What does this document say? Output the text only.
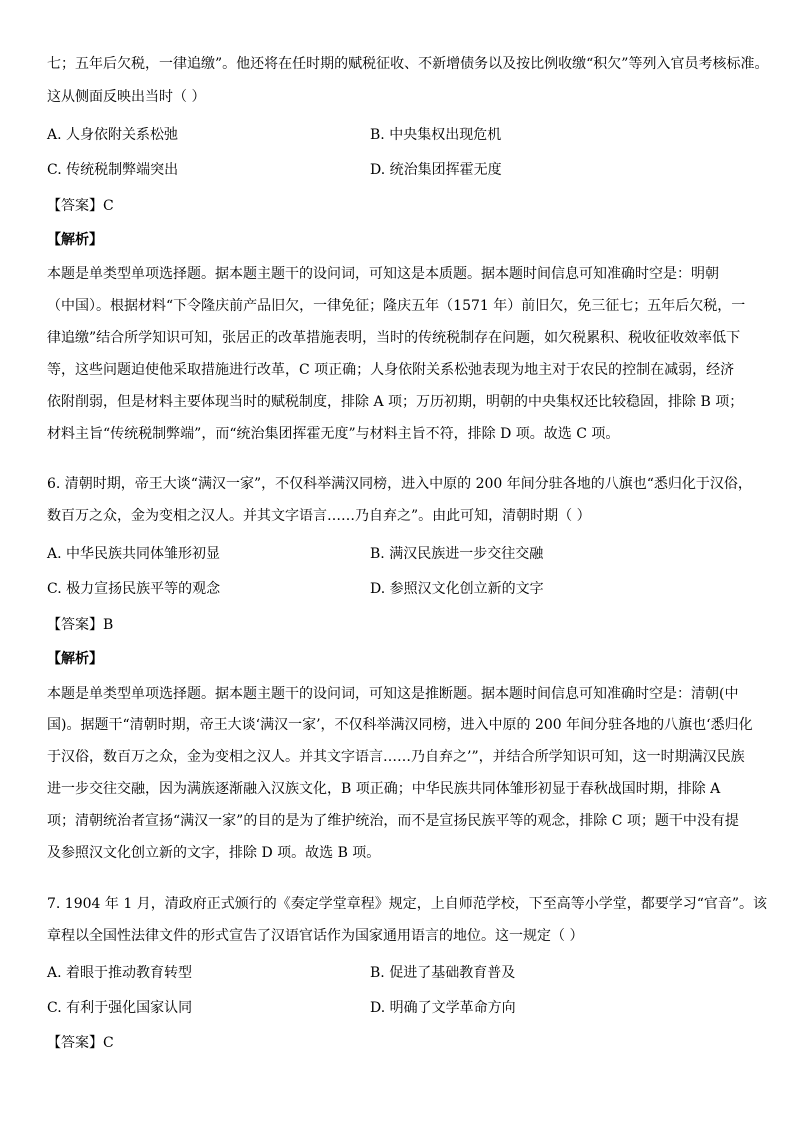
七；五年后欠税，一律追缴”。他还将在任时期的赋税征收、不新增债务以及按比例收缴“积欠”等列入官员考核标准。
这从侧面反映出当时（ ）
A. 人身依附关系松弛	B. 中央集权出现危机
C. 传统税制弊端突出	D. 统治集团挥霍无度
【答案】C
【解析】
本题是单类型单项选择题。据本题主题干的设问词，可知这是本质题。据本题时间信息可知准确时空是：明朝
（中国）。根据材料“下令隆庆前产品旧欠，一律免征；隆庆五年（1571 年）前旧欠，免三征七；五年后欠税，一
律追缴”结合所学知识可知，张居正的改革措施表明，当时的传统税制存在问题，如欠税累积、税收征收效率低下
等，这些问题迫使他采取措施进行改革，C 项正确；人身依附关系松弛表现为地主对于农民的控制在减弱，经济
依附削弱，但是材料主要体现当时的赋税制度，排除 A 项；万历初期，明朝的中央集权还比较稳固，排除 B 项；
材料主旨“传统税制弊端”，而“统治集团挥霍无度”与材料主旨不符，排除 D 项。故选 C 项。
6. 清朝时期，帝王大谈“满汉一家”，不仅科举满汉同榜，进入中原的 200 年间分驻各地的八旗也“悉归化于汉俗，
数百万之众，金为变相之汉人。并其文字语言……乃自弃之”。由此可知，清朝时期（ ）
A. 中华民族共同体雏形初显	B. 满汉民族进一步交往交融
C. 极力宣扬民族平等的观念	D. 参照汉文化创立新的文字
【答案】B
【解析】
本题是单类型单项选择题。据本题主题干的设问词，可知这是推断题。据本题时间信息可知准确时空是：清朝(中
国)。据题干“清朝时期，帝王大谈‘满汉一家’，不仅科举满汉同榜，进入中原的 200 年间分驻各地的八旗也‘悉归化
于汉俗，数百万之众，金为变相之汉人。并其文字语言……乃自弃之’”，并结合所学知识可知，这一时期满汉民族
进一步交往交融，因为满族逐渐融入汉族文化，B 项正确；中华民族共同体雏形初显于春秋战国时期，排除 A
项；清朝统治者宣扬“满汉一家”的目的是为了维护统治，而不是宣扬民族平等的观念，排除 C 项；题干中没有提
及参照汉文化创立新的文字，排除 D 项。故选 B 项。
7. 1904 年 1 月，清政府正式颁行的《奏定学堂章程》规定，上自师范学校，下至高等小学堂，都要学习“官音”。该
章程以全国性法律文件的形式宣告了汉语官话作为国家通用语言的地位。这一规定（ ）
A. 着眼于推动教育转型	B. 促进了基础教育普及
C. 有利于强化国家认同	D. 明确了文学革命方向
【答案】C
